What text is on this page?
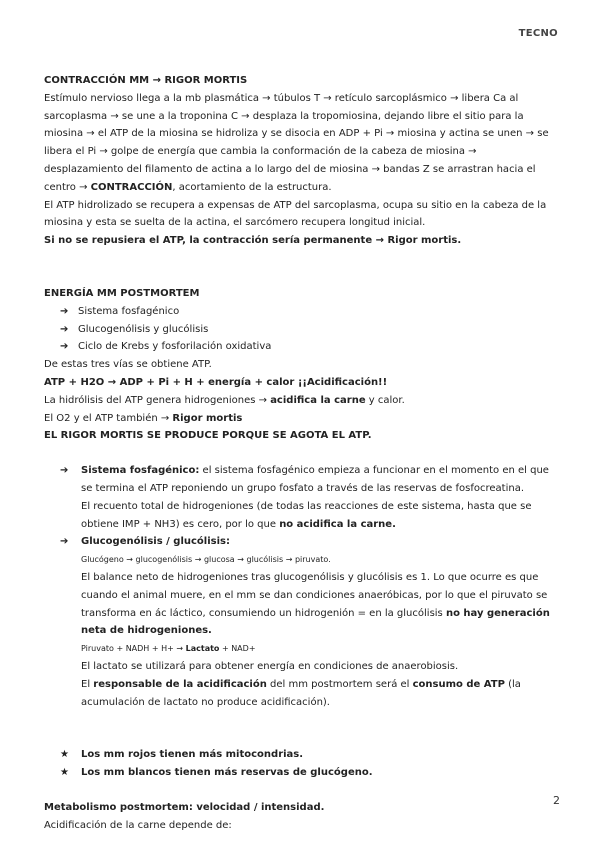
TECNO

CONTRACCIÓN MM → RIGOR MORTIS

Estímulo nervioso llega a la mb plasmática → túbulos T → retículo sarcoplásmico → libera Ca al sarcoplasma → se une a la troponina C → desplaza la tropomiosina, dejando libre el sitio para la miosina → el ATP de la miosina se hidroliza y se disocia en ADP + Pi → miosina y actina se unen → se libera el Pi → golpe de energía que cambia la conformación de la cabeza de miosina → desplazamiento del filamento de actina a lo largo del de miosina → bandas Z se arrastran hacia el centro → CONTRACCIÓN, acortamiento de la estructura.

El ATP hidrolizado se recupera a expensas de ATP del sarcoplasma, ocupa su sitio en la cabeza de la miosina y esta se suelta de la actina, el sarcómero recupera longitud inicial.

Si no se repusiera el ATP, la contracción sería permanente → Rigor mortis.

ENERGÍA MM POSTMORTEM

➔ Sistema fosfagénico
➔ Glucogenólisis y glucólisis
➔ Ciclo de Krebs y fosforilación oxidativa

De estas tres vías se obtiene ATP.

ATP + H2O → ADP + Pi + H + energía + calor ¡¡Acidificación!!

La hidrólisis del ATP genera hidrogeniones → acidifica la carne y calor.

El O2 y el ATP también → Rigor mortis

EL RIGOR MORTIS SE PRODUCE PORQUE SE AGOTA EL ATP.

➔ Sistema fosfagénico: el sistema fosfagénico empieza a funcionar en el momento en el que se termina el ATP reponiendo un grupo fosfato a través de las reservas de fosfocreatina.

El recuento total de hidrogeniones (de todas las reacciones de este sistema, hasta que se obtiene IMP + NH3) es cero, por lo que no acidifica la carne.

➔ Glucogenólisis / glucólisis:

Glucógeno → glucogenólisis → glucosa → glucólisis → piruvato.

El balance neto de hidrogeniones tras glucogenólisis y glucólisis es 1. Lo que ocurre es que cuando el animal muere, en el mm se dan condiciones anaeróbicas, por lo que el piruvato se transforma en ác láctico, consumiendo un hidrogenión = en la glucólisis no hay generación neta de hidrogeniones.

Piruvato + NADH + H+ → Lactato + NAD+

El lactato se utilizará para obtener energía en condiciones de anaerobiosis.

El responsable de la acidificación del mm postmortem será el consumo de ATP (la acumulación de lactato no produce acidificación).

★ Los mm rojos tienen más mitocondrias.
★ Los mm blancos tienen más reservas de glucógeno.

Metabolismo postmortem: velocidad / intensidad.

Acidificación de la carne depende de:

2
